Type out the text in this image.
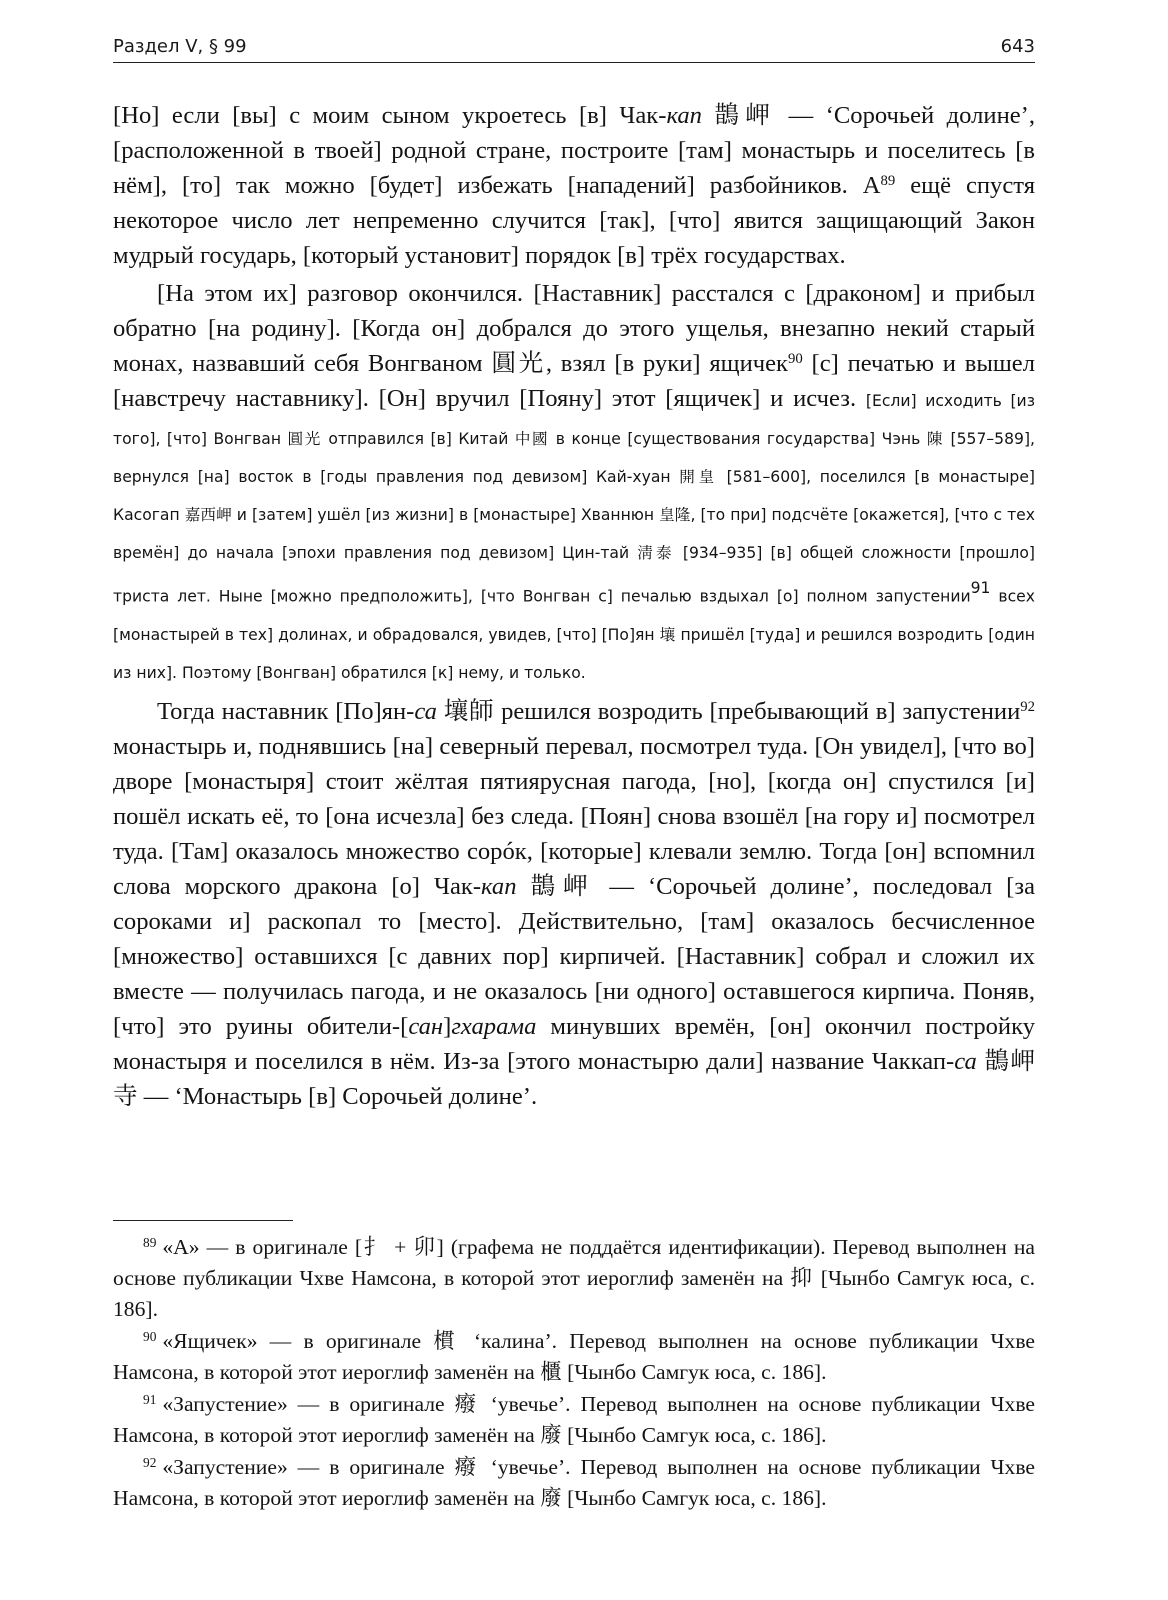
Раздел V, § 99	643

[Но] если [вы] с моим сыном укроетесь [в] Чак-кап 鵲岬 — ‘Сорочьей долине’, [расположенной в твоей] родной стране, построите [там] монастырь и поселитесь [в нём], [то] так можно [будет] избежать [нападений] разбойников. $А^{89}$ ещё спустя некоторое число лет непременно случится [так], [что] явится защищающий Закон мудрый государь, [который установит] порядок [в] трёх государствах.

[На этом их] разговор окончился. [Наставник] расстался с [драконом] и прибыл обратно [на родину]. [Когда он] добрался до этого ущелья, внезапно некий старый монах, назвавший себя Вонгваном 圓光, взял [в руки] ящичек$^{90}$ [с] печатью и вышел [навстречу наставнику]. [Он] вручил [Пояну] этот [ящичек] и исчез. [Если] исходить [из того], [что] Вонгван 圓光 отправился [в] Китай 中國 в конце [существования государства] Чэнь 陳 [557–589], вернулся [на] восток в [годы правления под девизом] Кай-хуан 開皇 [581–600], поселился [в монастыре] Касогап 嘉西岬 и [затем] ушёл [из жизни] в [монастыре] Хваннюн 皇隆, [то при] подсчёте [окажется], [что с тех времён] до начала [эпохи правления под девизом] Цин-тай 淸泰 [934–935] [в] общей сложности [прошло] триста лет. Ныне [можно предположить], [что Вонгван с] печалью вздыхал [о] полном запустении$^{91}$ всех [монастырей в тех] долинах, и обрадовался, увидев, [что] [По]ян 壤 пришёл [туда] и решился возродить [один из них]. Поэтому [Вонгван] обратился [к] нему, и только.

Тогда наставник [По]ян-са 壤師 решился возродить [пребывающий в] запустении$^{92}$ монастырь и, поднявшись [на] северный перевал, посмотрел туда. [Он увидел], [что во] дворе [монастыря] стоит жёлтая пятиярусная пагода, [но], [когда он] спустился [и] пошёл искать её, то [она исчезла] без следа. [Поян] снова взошёл [на гору и] посмотрел туда. [Там] оказалось множество сорóк, [которые] клевали землю. Тогда [он] вспомнил слова морского дракона [о] Чак-кап 鵲岬 — ‘Сорочьей долине’, последовал [за сороками и] раскопал то [место]. Действительно, [там] оказалось бесчисленное [множество] оставшихся [с давних пор] кирпичей. [Наставник] собрал и сложил их вместе — получилась пагода, и не оказалось [ни одного] оставшегося кирпича. Поняв, [что] это руины обители-[сан]гхарама минувших времён, [он] окончил постройку монастыря и поселился в нём. Из-за [этого монастырю дали] название Чаккап-са 鵲岬寺 — ‘Монастырь [в] Сорочьей долине’.

$^{89}$ «А» — в оригинале [扌 + 卯] (графема не поддаётся идентификации). Перевод выполнен на основе публикации Чхве Намсона, в которой этот иероглиф заменён на 抑 [Чынбо Самгук юса, с. 186].

$^{90}$ «Ящичек» — в оригинале 樌 ‘калина’. Перевод выполнен на основе публикации Чхве Намсона, в которой этот иероглиф заменён на 櫃 [Чынбо Самгук юса, с. 186].

$^{91}$ «Запустение» — в оригинале 癈 ‘увечье’. Перевод выполнен на основе публикации Чхве Намсона, в которой этот иероглиф заменён на 廢 [Чынбо Самгук юса, с. 186].

$^{92}$ «Запустение» — в оригинале 癈 ‘увечье’. Перевод выполнен на основе публикации Чхве Намсона, в которой этот иероглиф заменён на 廢 [Чынбо Самгук юса, с. 186].
